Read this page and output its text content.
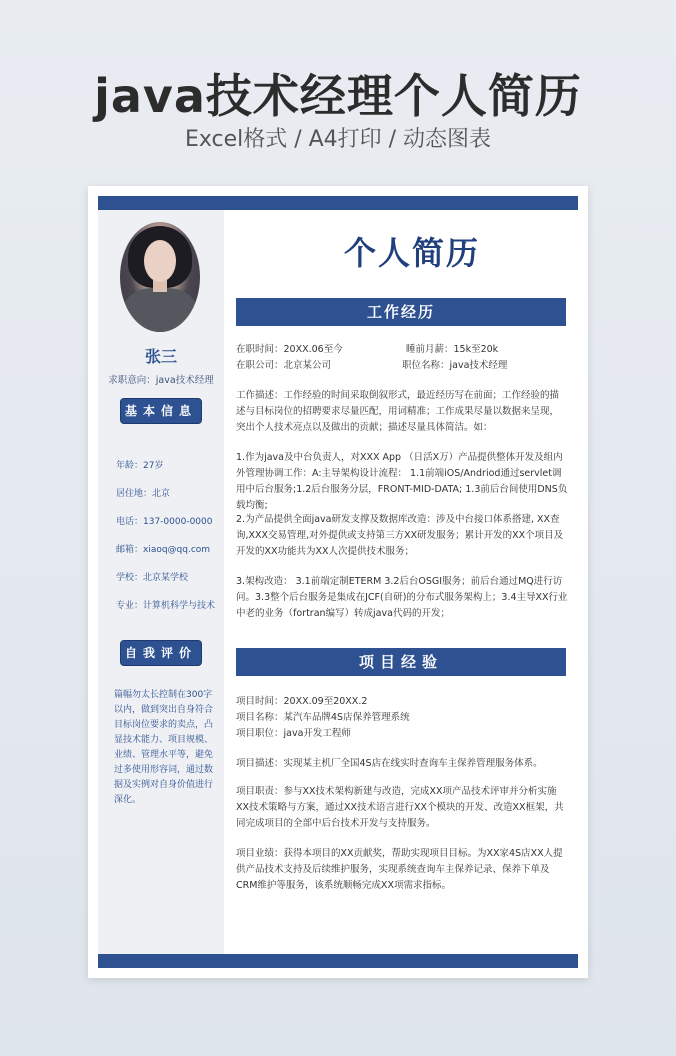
java技术经理个人简历
Excel格式 / A4打印 / 动态图表
张三
求职意向：java技术经理
基本信息
年龄：27岁
居住地：北京
电话：137-0000-0000
邮箱：xiaoq@qq.com
学校：北京某学校
专业：计算机科学与技术
自我评价
篇幅勿太长控制在300字以内，做到突出自身符合目标岗位要求的卖点，凸显技术能力、项目规模、业绩、管理水平等，避免过多使用形容词，通过数据及实例对自身价值进行深化。
个人简历
工作经历
在职时间：20XX.06至今	睡前月薪：15k至20k
在职公司：北京某公司	职位名称：java技术经理
工作描述：工作经验的时间采取倒叙形式，最近经历写在前面；工作经验的描述与目标岗位的招聘要求尽量匹配，用词精准；工作成果尽量以数据来呈现，突出个人技术亮点以及做出的贡献；描述尽量具体简洁。如：
1.作为java及中台负责人，对XXX App （日活X万）产品提供整体开发及组内外管理协调工作：A:主导架构设计流程： 1.1前端iOS/Andriod通过servlet调用中后台服务;1.2后台服务分层，FRONT-MID-DATA; 1.3前后台间使用DNS负载均衡;
2.为产品提供全面java研发支撑及数据库改造：涉及中台接口体系搭建, XX查询,XXX交易管理,对外提供或支持第三方XX研发服务；累计开发的XX个项目及开发的XX功能共为XX人次提供技术服务；
3.架构改造： 3.1前端定制ETERM 3.2后台OSGI服务；前后台通过MQ进行访问。3.3整个后台服务是集成在JCF(自研)的分布式服务架构上；3.4主导XX行业中老的业务（fortran编写）转成java代码的开发；
项目经验
项目时间：20XX.09至20XX.2
项目名称：某汽车品牌4S店保养管理系统
项目职位：java开发工程师
项目描述：实现某主机厂全国4S店在线实时查询车主保养管理服务体系。
项目职责：参与XX技术架构新建与改造，完成XX项产品技术评审并分析实施XX技术策略与方案，通过XX技术语言进行XX个模块的开发、改造XX框架，共同完成项目的全部中后台技术开发与支持服务。
项目业绩：获得本项目的XX贡献奖，帮助实现项目目标。为XX家4S店XX人提供产品技术支持及后续维护服务，实现系统查询车主保养记录、保养下单及CRM维护等服务，该系统顺畅完成XX项需求指标。
